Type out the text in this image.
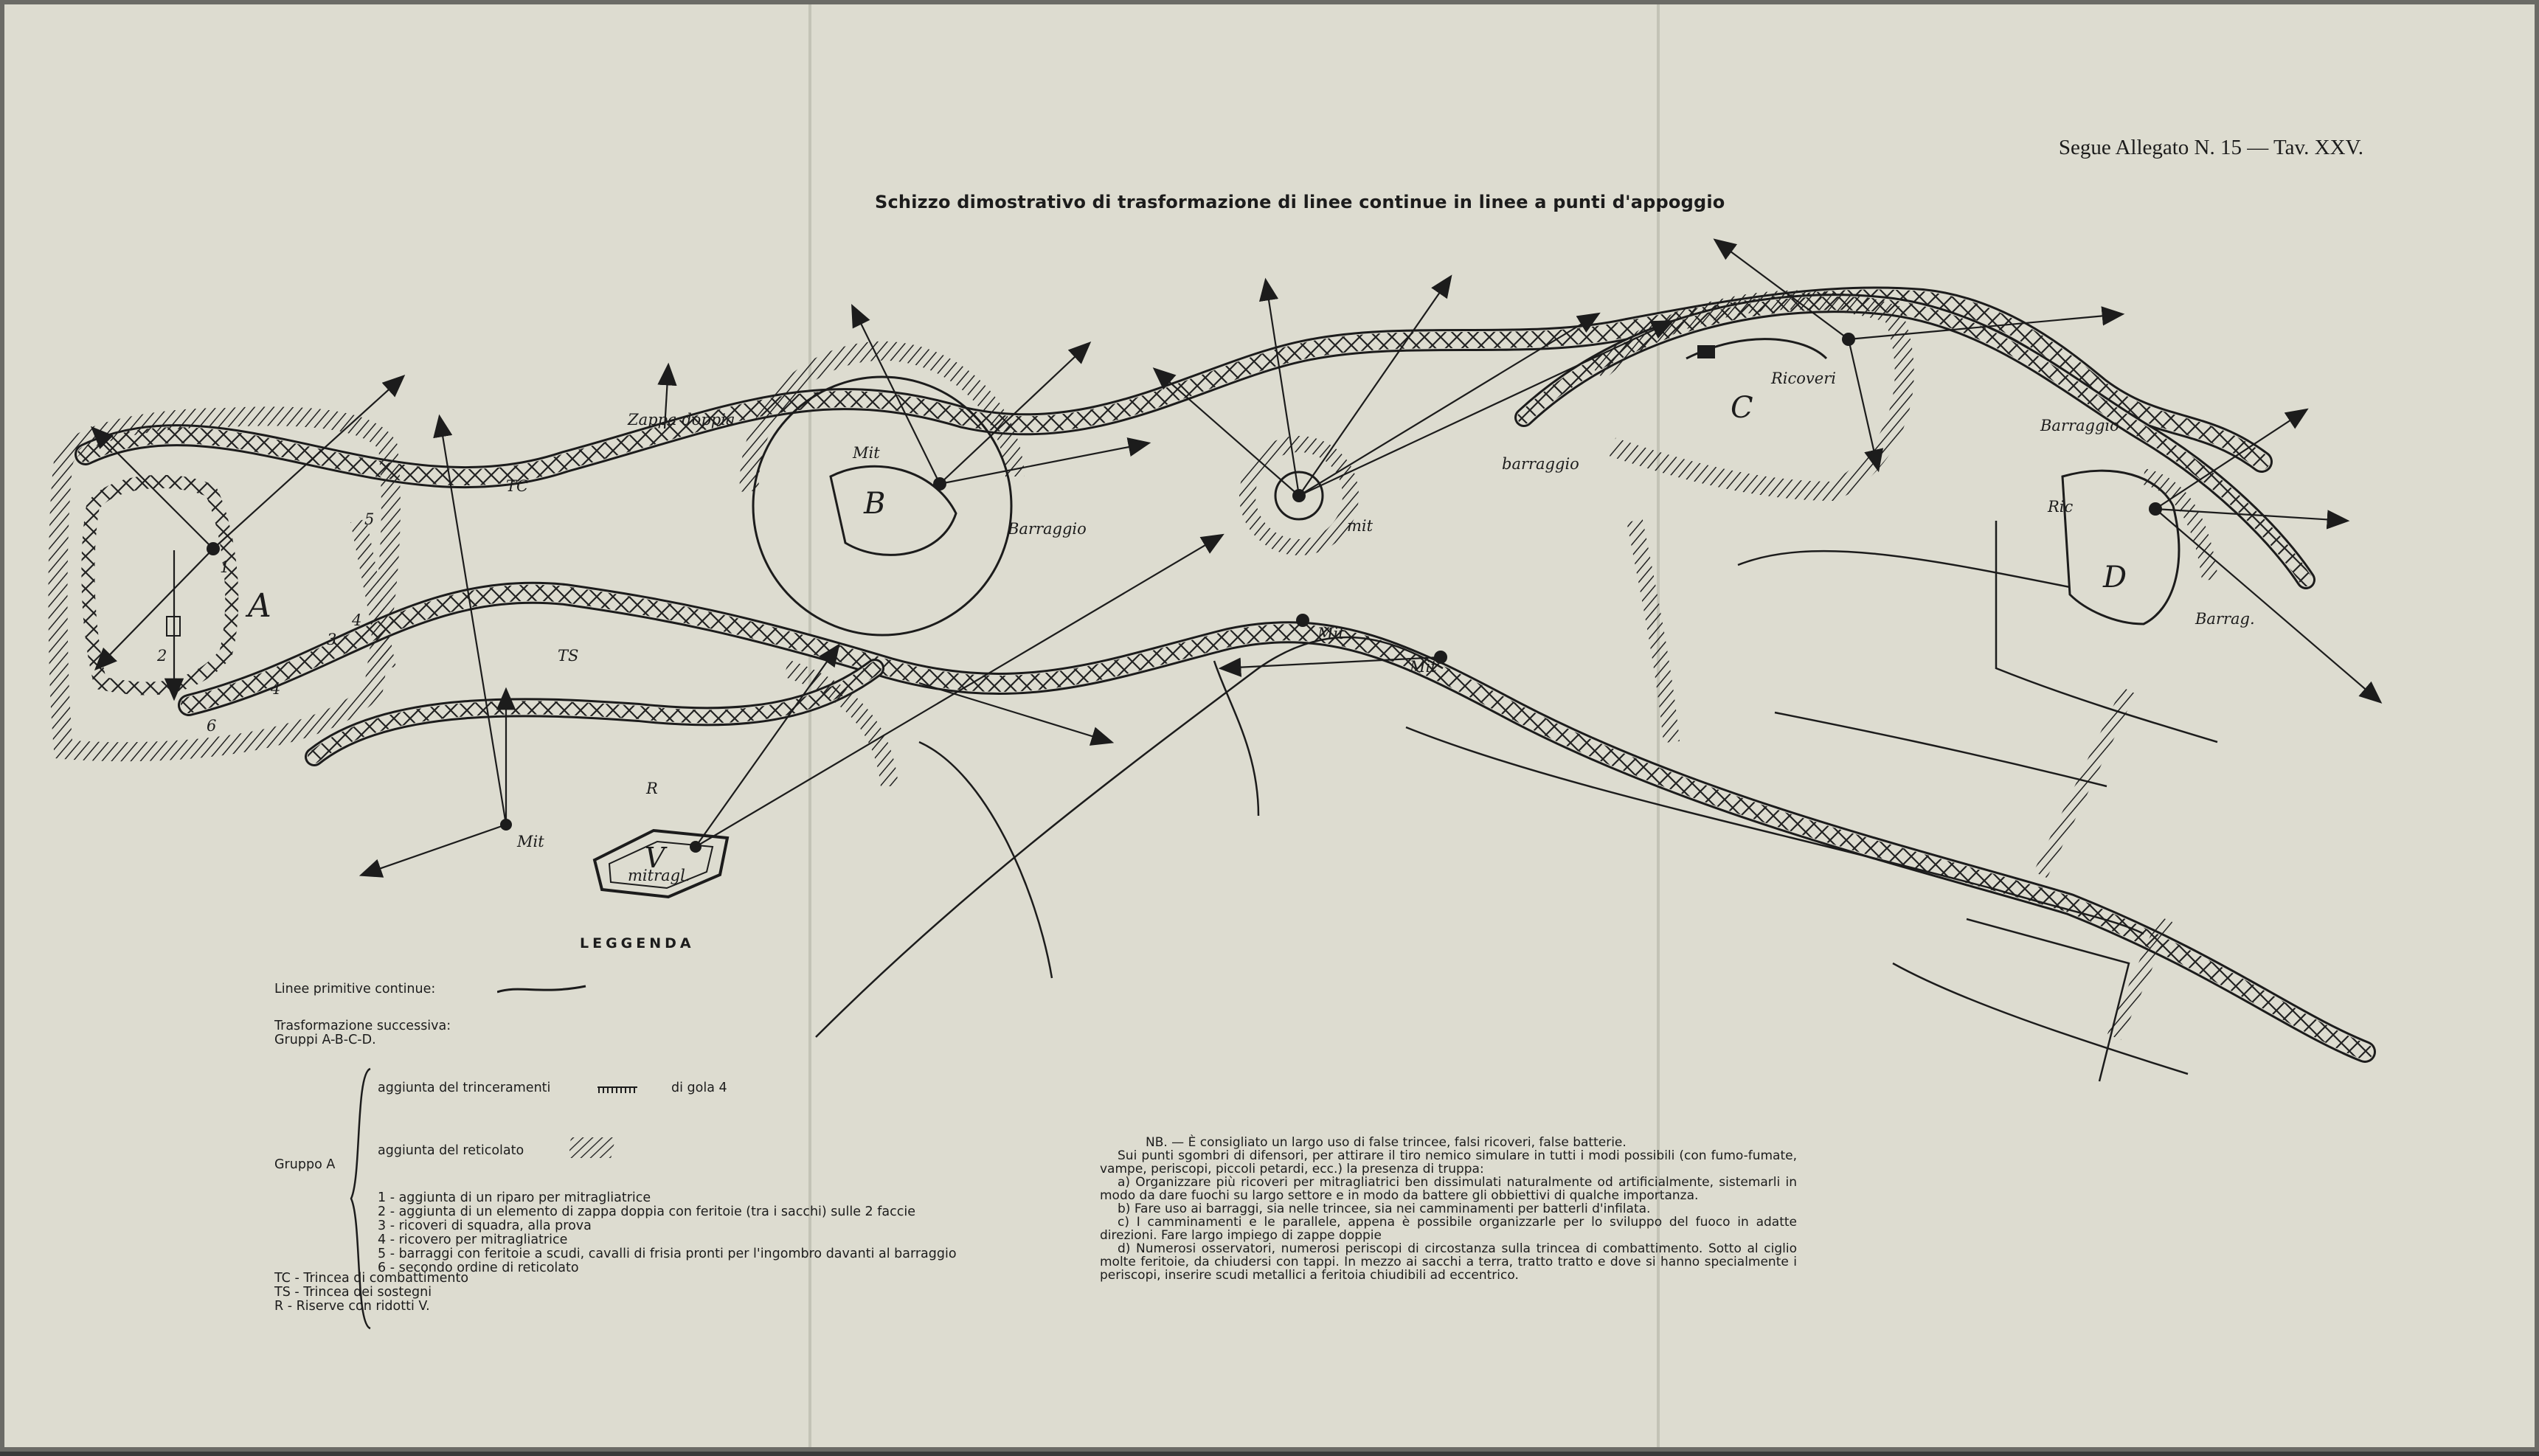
Segue Allegato N. 15 — Tav. XXV.
Schizzo dimostrativo di trasformazione di linee continue in linee a punti d'appoggio
A
B
C
D
V
Zappa doppia
TC
TS
R
Mit
Barraggio	mit
Mit
Mit
Mit
mitragl.
barraggio
Ricoveri
Barraggio
Ric
Barrag.
1
2
3
4
5
6
4
LEGGENDA
Linee primitive continue:
Trasformazione successiva:
Gruppi A-B-C-D.
Gruppo A
aggiunta del trinceramenti	di gola 4
aggiunta del reticolato
1 - aggiunta di un riparo per mitragliatrice
2 - aggiunta di un elemento di zappa doppia con feritoie (tra i sacchi) sulle 2 faccie
3 - ricoveri di squadra, alla prova
4 - ricovero per mitragliatrice
5 - barraggi con feritoie a scudi, cavalli di frisia pronti per l'ingombro davanti al barraggio
6 - secondo ordine di reticolato
TC - Trincea di combattimento
TS - Trincea dei sostegni
R - Riserve con ridotti V.

NB. — È consigliato un largo uso di false trincee, falsi ricoveri, false batterie.

Sui punti sgombri di difensori, per attirare il tiro nemico simulare in tutti i modi possibili (con fumo-fumate, vampe, periscopi, piccoli petardi, ecc.) la presenza di truppa:

a) Organizzare più ricoveri per mitragliatrici ben dissimulati naturalmente od artificialmente, sistemarli in modo da dare fuochi su largo settore e in modo da battere gli obbiettivi di qualche importanza.

b) Fare uso ai barraggi, sia nelle trincee, sia nei camminamenti per batterli d'infilata.

c) I camminamenti e le parallele, appena è possibile organizzarle per lo sviluppo del fuoco in adatte direzioni. Fare largo impiego di zappe doppie

d) Numerosi osservatori, numerosi periscopi di circostanza sulla trincea di combattimento. Sotto al ciglio molte feritoie, da chiudersi con tappi. In mezzo ai sacchi a terra, tratto tratto e dove si hanno specialmente i periscopi, inserire scudi metallici a feritoia chiudibili ad eccentrico.
